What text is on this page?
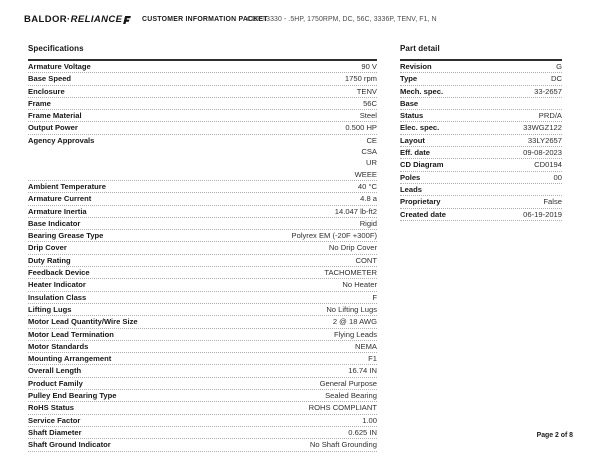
BALDOR · RELIANCE	CUSTOMER INFORMATION PACKET
CDPT3330 - .5HP, 1750RPM, DC, 56C, 3336P, TENV, F1, N
Specifications
Armature Voltage	90 V
Base Speed	1750 rpm
Enclosure	TENV
Frame	56C
Frame Material	Steel
Output Power	0.500 HP
Agency Approvals	CE
CSA
UR
WEEE
Ambient Temperature	40 °C
Armature Current	4.8 a
Armature Inertia	14.047 lb-ft2
Base Indicator	Rigid
Bearing Grease Type	Polyrex EM (-20F +300F)
Drip Cover	No Drip Cover
Duty Rating	CONT
Feedback Device	TACHOMETER
Heater Indicator	No Heater
Insulation Class	F
Lifting Lugs	No Lifting Lugs
Motor Lead Quantity/Wire Size	2 @ 18 AWG
Motor Lead Termination	Flying Leads
Motor Standards	NEMA
Mounting Arrangement	F1
Overall Length	16.74 IN
Product Family	General Purpose
Pulley End Bearing Type	Sealed Bearing
RoHS Status	ROHS COMPLIANT
Service Factor	1.00
Shaft Diameter	0.625 IN
Shaft Ground Indicator	No Shaft Grounding
Part detail
Revision	G
Type	DC
Mech. spec.	33-2657
Base
Status	PRD/A
Elec. spec.	33WGZ122
Layout	33LY2657
Eff. date	09-08-2023
CD Diagram	CD0194
Poles	00
Leads
Proprietary	False
Created date	06-19-2019
Page 2 of 8
